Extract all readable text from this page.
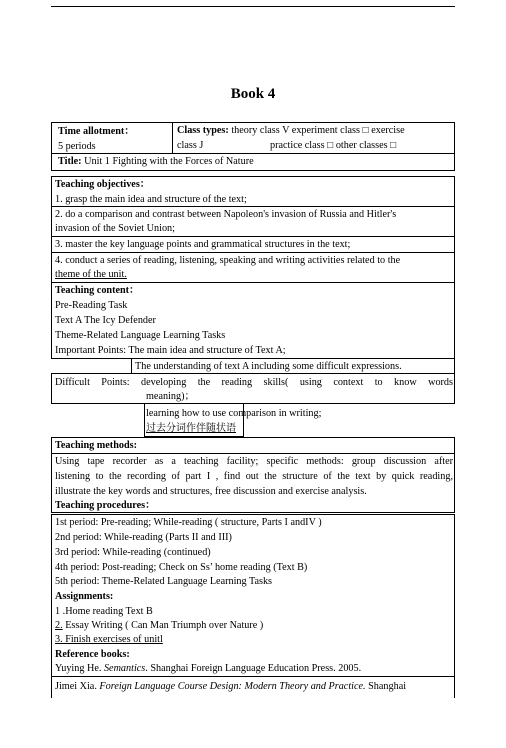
Book 4
Time allotment：
5 periods
Class types: theory class V experiment class □ exercise
class J	practice class □ other classes □
Title: Unit 1 Fighting with the Forces of Nature
Teaching objectives：
1. grasp the main idea and structure of the text;
2. do a comparison and contrast between Napoleon's invasion of Russia and Hitler's
invasion of the Soviet Union;
3. master the key language points and grammatical structures in the text;
4. conduct a series of reading, listening, speaking and writing activities related to the
theme of the unit.
Teaching content：
Pre-Reading Task
Text A The Icy Defender
Theme-Related Language Learning Tasks
Important Points: The main idea and structure of Text A;
The understanding of text A including some difficult expressions.
Difficult Points: developing the reading skills( using context to know words
meaning)；
learning how to use comparison in writing;
过去分词作伴随状语
Teaching methods:
Using tape recorder as a teaching facility; specific methods: group discussion after
listening to the recording of part I , find out the structure of the text by quick reading,
illustrate the key words and structures, free discussion and exercise analysis.
Teaching procedures：
1st period: Pre-reading; While-reading ( structure, Parts I andIV )
2nd period: While-reading (Parts II and III)
3rd period: While-reading (continued)
4th period: Post-reading; Check on Ss’ home reading (Text B)
5th period: Theme-Related Language Learning Tasks
Assignments:
1 .Home reading Text B
2. Essay Writing ( Can Man Triumph over Nature )
3. Finish exercises of unitl
Reference books:
Yuying He. Semantics. Shanghai Foreign Language Education Press. 2005.
Jimei Xia. Foreign Language Course Design: Modern Theory and Practice. Shanghai
